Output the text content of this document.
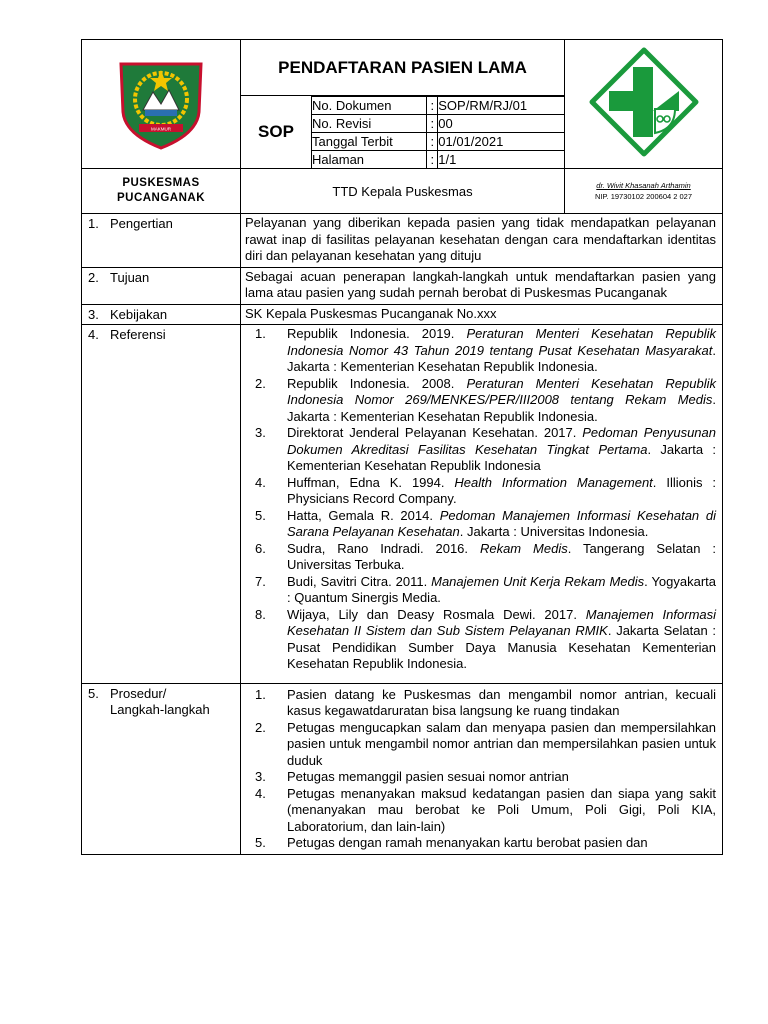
MAKMUR
	PENDAFTARAN PASIEN LAMA	
SOP	
No. Dokumen	:	SOP/RM/RJ/01
No. Revisi	:	00
Tanggal Terbit	:	01/01/2021
Halaman	:	1/1

PUSKESMAS
PUCANGANAK	TTD Kepala Puskesmas	dr. Wivit Khasanah Arthamin
NIP. 19730102 200604 2 027
1. Pengertian	Pelayanan yang diberikan kepada pasien yang tidak mendapatkan pelayanan rawat inap di fasilitas pelayanan kesehatan dengan cara mendaftarkan identitas diri dan pelayanan kesehatan yang dituju
2. Tujuan	Sebagai acuan penerapan langkah-langkah untuk mendaftarkan pasien yang lama atau pasien yang sudah pernah berobat di Puskesmas Pucanganak
3. Kebijakan	SK Kepala Puskesmas Pucanganak No.xxx
4. Referensi	1.	Republik Indonesia. 2019. Peraturan Menteri Kesehatan Republik Indonesia Nomor 43 Tahun 2019 tentang Pusat Kesehatan Masyarakat. Jakarta : Kementerian Kesehatan Republik Indonesia.
2.	Republik Indonesia. 2008. Peraturan Menteri Kesehatan Republik Indonesia Nomor 269/MENKES/PER/III2008 tentang Rekam Medis. Jakarta : Kementerian Kesehatan Republik Indonesia.
3.	Direktorat Jenderal Pelayanan Kesehatan. 2017. Pedoman Penyusunan Dokumen Akreditasi Fasilitas Kesehatan Tingkat Pertama. Jakarta : Kementerian Kesehatan Republik Indonesia
4.	Huffman, Edna K. 1994. Health Information Management. Illionis : Physicians Record Company.
5.	Hatta, Gemala R. 2014. Pedoman Manajemen Informasi Kesehatan di Sarana Pelayanan Kesehatan. Jakarta : Universitas Indonesia.
6.	Sudra, Rano Indradi. 2016. Rekam Medis. Tangerang Selatan : Universitas Terbuka.
7.	Budi, Savitri Citra. 2011. Manajemen Unit Kerja Rekam Medis. Yogyakarta : Quantum Sinergis Media.
8.	Wijaya, Lily dan Deasy Rosmala Dewi. 2017. Manajemen Informasi Kesehatan II Sistem dan Sub Sistem Pelayanan RMIK. Jakarta Selatan : Pusat Pendidikan Sumber Daya Manusia Kesehatan Kementerian Kesehatan Republik Indonesia.

5. Prosedur/
Langkah-langkah

1.	Pasien datang ke Puskesmas dan mengambil nomor antrian, kecuali kasus kegawatdaruratan bisa langsung ke ruang tindakan
2.	Petugas mengucapkan salam dan menyapa pasien dan mempersilahkan pasien untuk mengambil nomor antrian dan mempersilahkan pasien untuk duduk
3.	Petugas memanggil pasien sesuai nomor antrian
4.	Petugas menanyakan maksud kedatangan pasien dan siapa yang sakit (menanyakan mau berobat ke Poli Umum, Poli Gigi, Poli KIA, Laboratorium, dan lain-lain)
5.	Petugas dengan ramah menanyakan kartu berobat pasien dan
